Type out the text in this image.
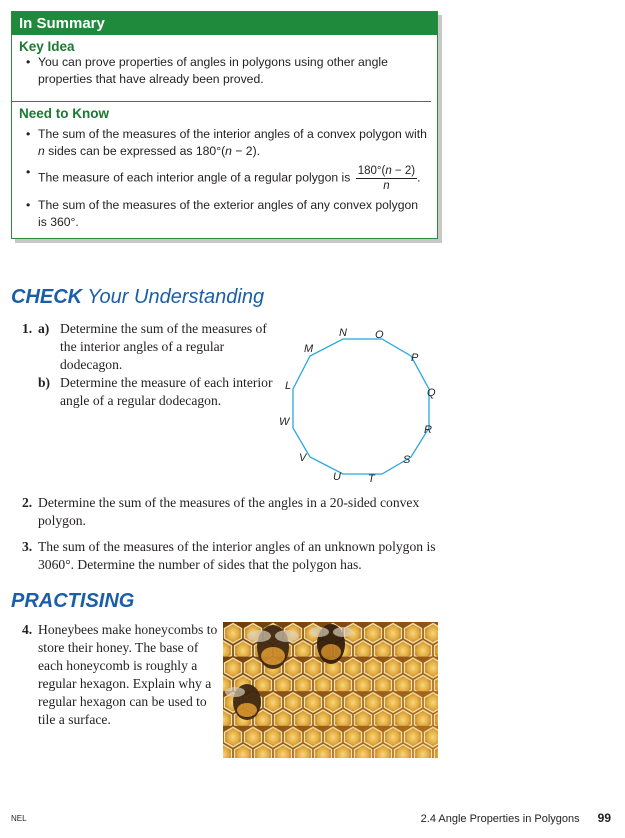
In Summary
Key Idea
• You can prove properties of angles in polygons using other angle properties that have already been proved.
Need to Know
• The sum of the measures of the interior angles of a convex polygon with n sides can be expressed as 180°(n − 2).
• The measure of each interior angle of a regular polygon is $\frac{180^\circ(n - 2)}{n}$ .
• The sum of the measures of the exterior angles of any convex polygon is 360°.
CHECK Your Understanding
1. a) Determine the sum of the measures of the interior angles of a regular dodecagon.
b) Determine the measure of each interior angle of a regular dodecagon.
N	O
P
Q
R
S
T
U
V
W
L
M
2. Determine the sum of the measures of the angles in a 20-sided convex polygon.
3. The sum of the measures of the interior angles of an unknown polygon is 3060°. Determine the number of sides that the polygon has.
PRACTISING
4. Honeybees make honeycombs to store their honey. The base of each honeycomb is roughly a regular hexagon. Explain why a regular hexagon can be used to tile a surface.
NEL	2.4 Angle Properties in Polygons 99
